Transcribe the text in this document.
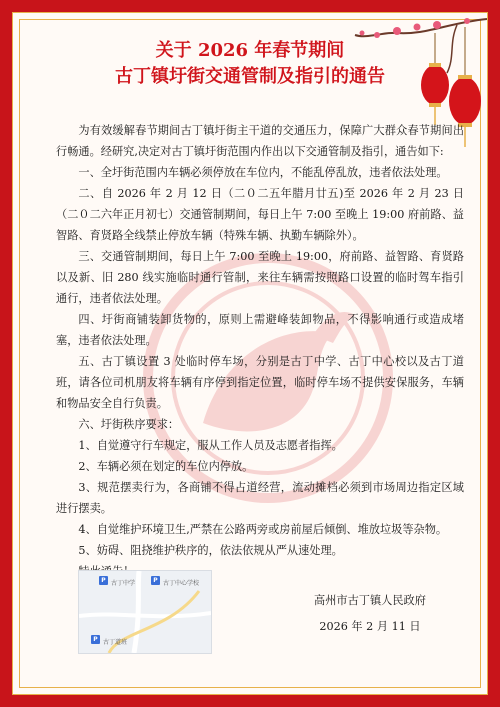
关于 2026 年春节期间
古丁镇圩街交通管制及指引的通告

为有效缓解春节期间古丁镇圩街主干道的交通压力，保障广大群众春节期间出行畅通。经研究,决定对古丁镇圩街范围内作出以下交通管制及指引，通告如下:

一、全圩街范围内车辆必须停放在车位内，不能乱停乱放，违者依法处理。

二、自 2026 年 2 月 12 日（二０二五年腊月廿五)至 2026 年 2 月 23 日（二０二六年正月初七）交通管制期间，每日上午 7:00 至晚上 19:00 府前路、益智路、育贤路全线禁止停放车辆（特殊车辆、执勤车辆除外）。

三、交通管制期间，每日上午 7:00 至晚上 19:00，府前路、益智路、育贤路以及新、旧 280 线实施临时通行管制，来往车辆需按照路口设置的临时驾车指引通行，违者依法处理。

四、圩街商铺装卸货物的，原则上需避峰装卸物品，不得影响通行或造成堵塞，违者依法处理。

五、古丁镇设置 3 处临时停车场，分别是古丁中学、古丁中心校以及古丁道班，请各位司机朋友将车辆有序停到指定位置，临时停车场不提供安保服务，车辆和物品安全自行负责。

六、圩街秩序要求：

1、自觉遵守行车规定，服从工作人员及志愿者指挥。

2、车辆必须在划定的车位内停放。

3、规范摆卖行为，各商铺不得占道经营，流动摊档必须到市场周边指定区域进行摆卖。

4、自觉维护环境卫生,严禁在公路两旁或房前屋后倾倒、堆放垃圾等杂物。

5、妨碍、阻挠维护秩序的，依法依规从严从速处理。

P 古丁中学	P 古丁中心学校
P 古丁道班
高州市古丁镇人民政府
2026 年 2 月 11 日
